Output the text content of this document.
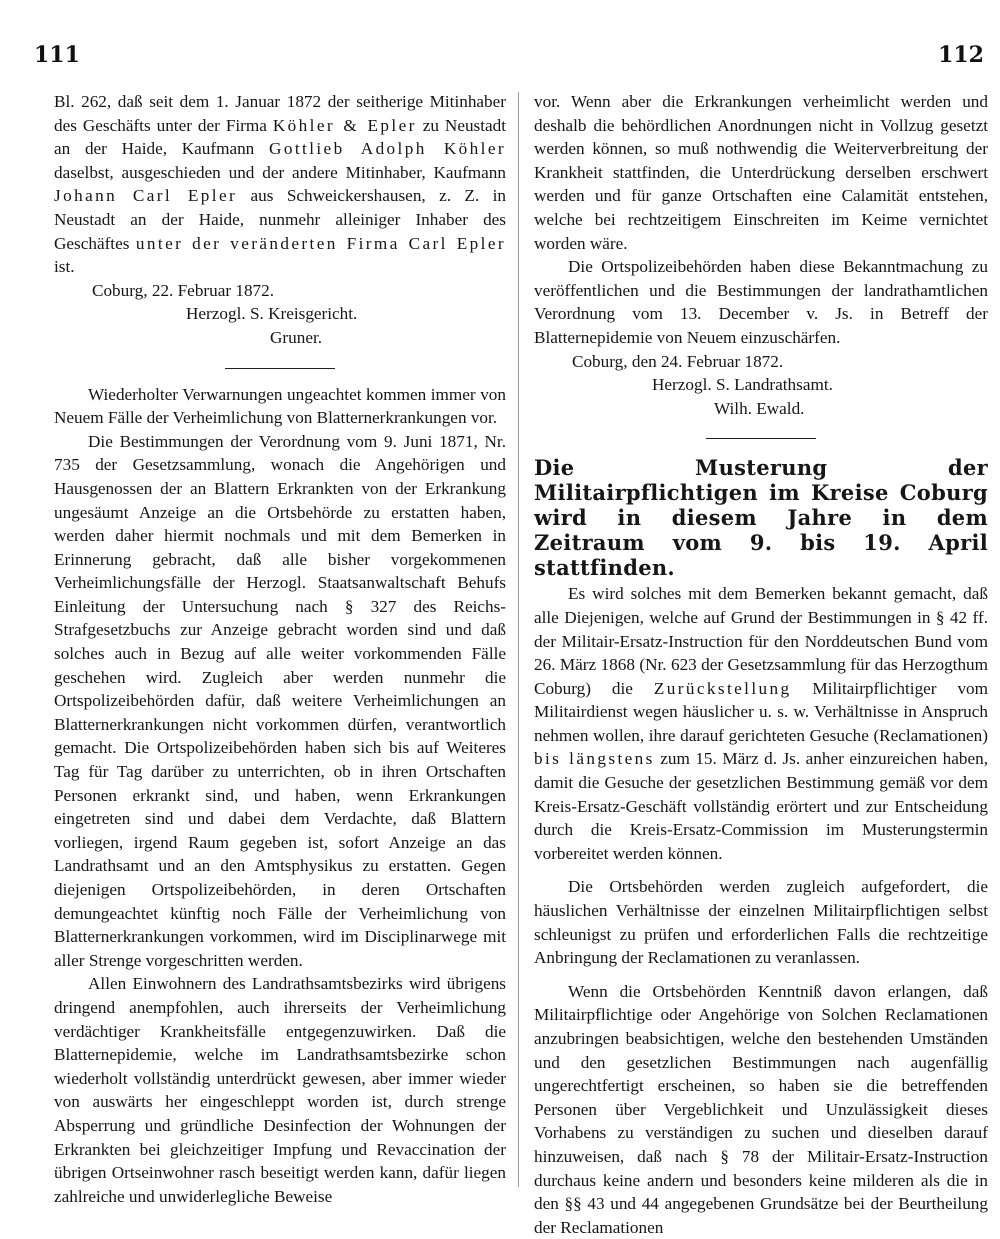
111	112

Bl. 262, daß seit dem 1. Januar 1872 der seitherige Mitinhaber des Geschäfts unter der Firma Köhler & Epler zu Neustadt an der Haide, Kaufmann Gottlieb Adolph Köhler daselbst, ausgeschieden und der andere Mitinhaber, Kaufmann Johann Carl Epler aus Schweickershausen, z. Z. in Neustadt an der Haide, nunmehr alleiniger Inhaber des Geschäftes unter der veränderten Firma Carl Epler ist.

Coburg, 22. Februar 1872.

Herzogl. S. Kreisgericht.

Gruner.

Wiederholter Verwarnungen ungeachtet kommen immer von Neuem Fälle der Verheimlichung von Blatternerkrankungen vor.

Die Bestimmungen der Verordnung vom 9. Juni 1871, Nr. 735 der Gesetzsammlung, wonach die Angehörigen und Hausgenossen der an Blattern Erkrankten von der Erkrankung ungesäumt Anzeige an die Ortsbehörde zu erstatten haben, werden daher hiermit nochmals und mit dem Bemerken in Erinnerung gebracht, daß alle bisher vorgekommenen Verheimlichungsfälle der Herzogl. Staatsanwaltschaft Behufs Einleitung der Untersuchung nach § 327 des Reichs-Strafgesetzbuchs zur Anzeige gebracht worden sind und daß solches auch in Bezug auf alle weiter vorkommenden Fälle geschehen wird. Zugleich aber werden nunmehr die Ortspolizeibehörden dafür, daß weitere Verheimlichungen an Blatternerkrankungen nicht vorkommen dürfen, verantwortlich gemacht. Die Ortspolizeibehörden haben sich bis auf Weiteres Tag für Tag darüber zu unterrichten, ob in ihren Ortschaften Personen erkrankt sind, und haben, wenn Erkrankungen eingetreten sind und dabei dem Verdachte, daß Blattern vorliegen, irgend Raum gegeben ist, sofort Anzeige an das Landrathsamt und an den Amtsphysikus zu erstatten. Gegen diejenigen Ortspolizeibehörden, in deren Ortschaften demungeachtet künftig noch Fälle der Verheimlichung von Blatternerkrankungen vorkommen, wird im Disciplinarwege mit aller Strenge vorgeschritten werden.

Allen Einwohnern des Landrathsamtsbezirks wird übrigens dringend anempfohlen, auch ihrerseits der Verheimlichung verdächtiger Krankheitsfälle entgegenzuwirken. Daß die Blatternepidemie, welche im Landrathsamtsbezirke schon wiederholt vollständig unterdrückt gewesen, aber immer wieder von auswärts her eingeschleppt worden ist, durch strenge Absperrung und gründliche Desinfection der Wohnungen der Erkrankten bei gleichzeitiger Impfung und Revaccination der übrigen Ortseinwohner rasch beseitigt werden kann, dafür liegen zahlreiche und unwiderlegliche Beweise

vor. Wenn aber die Erkrankungen verheimlicht werden und deshalb die behördlichen Anordnungen nicht in Vollzug gesetzt werden können, so muß nothwendig die Weiterverbreitung der Krankheit stattfinden, die Unterdrückung derselben erschwert werden und für ganze Ortschaften eine Calamität entstehen, welche bei rechtzeitigem Einschreiten im Keime vernichtet worden wäre.

Die Ortspolizeibehörden haben diese Bekanntmachung zu veröffentlichen und die Bestimmungen der landrathamtlichen Verordnung vom 13. December v. Js. in Betreff der Blatternepidemie von Neuem einzuschärfen.

Coburg, den 24. Februar 1872.

Herzogl. S. Landrathsamt.

Wilh. Ewald.

Die Musterung der Militairpflichtigen im Kreise Coburg wird in diesem Jahre in dem Zeitraum vom 9. bis 19. April stattfinden.

Es wird solches mit dem Bemerken bekannt gemacht, daß alle Diejenigen, welche auf Grund der Bestimmungen in § 42 ff. der Militair-Ersatz-Instruction für den Norddeutschen Bund vom 26. März 1868 (Nr. 623 der Gesetzsammlung für das Herzogthum Coburg) die Zurückstellung Militairpflichtiger vom Militairdienst wegen häuslicher u. s. w. Verhältnisse in Anspruch nehmen wollen, ihre darauf gerichteten Gesuche (Reclamationen) bis längstens zum 15. März d. Js. anher einzureichen haben, damit die Gesuche der gesetzlichen Bestimmung gemäß vor dem Kreis-Ersatz-Geschäft vollständig erörtert und zur Entscheidung durch die Kreis-Ersatz-Commission im Musterungstermin vorbereitet werden können.

Die Ortsbehörden werden zugleich aufgefordert, die häuslichen Verhältnisse der einzelnen Militairpflichtigen selbst schleunigst zu prüfen und erforderlichen Falls die rechtzeitige Anbringung der Reclamationen zu veranlassen.

Wenn die Ortsbehörden Kenntniß davon erlangen, daß Militairpflichtige oder Angehörige von Solchen Reclamationen anzubringen beabsichtigen, welche den bestehenden Umständen und den gesetzlichen Bestimmungen nach augenfällig ungerechtfertigt erscheinen, so haben sie die betreffenden Personen über Vergeblichkeit und Unzulässigkeit dieses Vorhabens zu verständigen zu suchen und dieselben darauf hinzuweisen, daß nach § 78 der Militair-Ersatz-Instruction durchaus keine andern und besonders keine milderen als die in den §§ 43 und 44 angegebenen Grundsätze bei der Beurtheilung der Reclamationen
